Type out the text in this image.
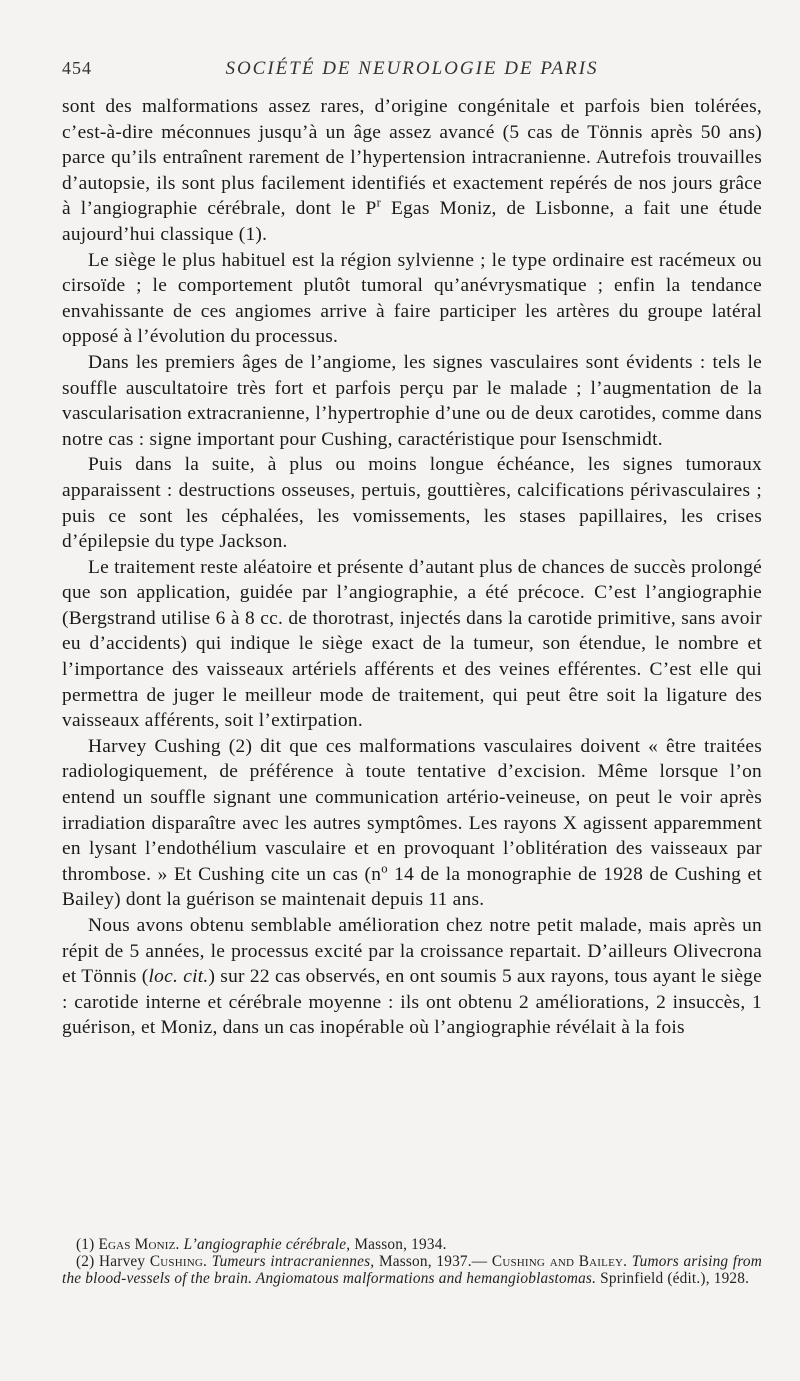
454	SOCIÉTÉ DE NEUROLOGIE DE PARIS

sont des malformations assez rares, d’origine congénitale et parfois bien tolérées, c’est-à-dire méconnues jusqu’à un âge assez avancé (5 cas de Tönnis après 50 ans) parce qu’ils entraînent rarement de l’hypertension intracranienne. Autrefois trouvailles d’autopsie, ils sont plus facilement identifiés et exactement repérés de nos jours grâce à l’angiographie cérébrale, dont le $P^r$ Egas Moniz, de Lisbonne, a fait une étude aujourd’hui classique (1).

Le siège le plus habituel est la région sylvienne ; le type ordinaire est racémeux ou cirsoïde ; le comportement plutôt tumoral qu’anévrysmatique ; enfin la tendance envahissante de ces angiomes arrive à faire participer les artères du groupe latéral opposé à l’évolution du processus.

Dans les premiers âges de l’angiome, les signes vasculaires sont évidents : tels le souffle auscultatoire très fort et parfois perçu par le malade ; l’augmentation de la vascularisation extracranienne, l’hypertrophie d’une ou de deux carotides, comme dans notre cas : signe important pour Cushing, caractéristique pour Isenschmidt.

Puis dans la suite, à plus ou moins longue échéance, les signes tumoraux apparaissent : destructions osseuses, pertuis, gouttières, calcifications périvasculaires ; puis ce sont les céphalées, les vomissements, les stases papillaires, les crises d’épilepsie du type Jackson.

Le traitement reste aléatoire et présente d’autant plus de chances de succès prolongé que son application, guidée par l’angiographie, a été précoce. C’est l’angiographie (Bergstrand utilise 6 à 8 cc. de thorotrast, injectés dans la carotide primitive, sans avoir eu d’accidents) qui indique le siège exact de la tumeur, son étendue, le nombre et l’importance des vaisseaux artériels afférents et des veines efférentes. C’est elle qui permettra de juger le meilleur mode de traitement, qui peut être soit la ligature des vaisseaux afférents, soit l’extirpation.

Harvey Cushing (2) dit que ces malformations vasculaires doivent « être traitées radiologiquement, de préférence à toute tentative d’excision. Même lorsque l’on entend un souffle signant une communication artério-veineuse, on peut le voir après irradiation disparaître avec les autres symptômes. Les rayons X agissent apparemment en lysant l’endothélium vasculaire et en provoquant l’oblitération des vaisseaux par thrombose. » Et Cushing cite un cas ($n^o$ 14 de la monographie de 1928 de Cushing et Bailey) dont la guérison se maintenait depuis 11 ans.

Nous avons obtenu semblable amélioration chez notre petit malade, mais après un répit de 5 années, le processus excité par la croissance repartait. D’ailleurs Olivecrona et Tönnis (loc. cit.) sur 22 cas observés, en ont soumis 5 aux rayons, tous ayant le siège : carotide interne et cérébrale moyenne : ils ont obtenu 2 améliorations, 2 insuccès, 1 guérison, et Moniz, dans un cas inopérable où l’angiographie révélait à la fois

(1) Egas Moniz. L’angiographie cérébrale, Masson, 1934.

(2) Harvey Cushing. Tumeurs intracraniennes, Masson, 1937.— Cushing and Bailey. Tumors arising from the blood-vessels of the brain. Angiomatous malformations and hemangioblastomas. Sprinfield (édit.), 1928.
